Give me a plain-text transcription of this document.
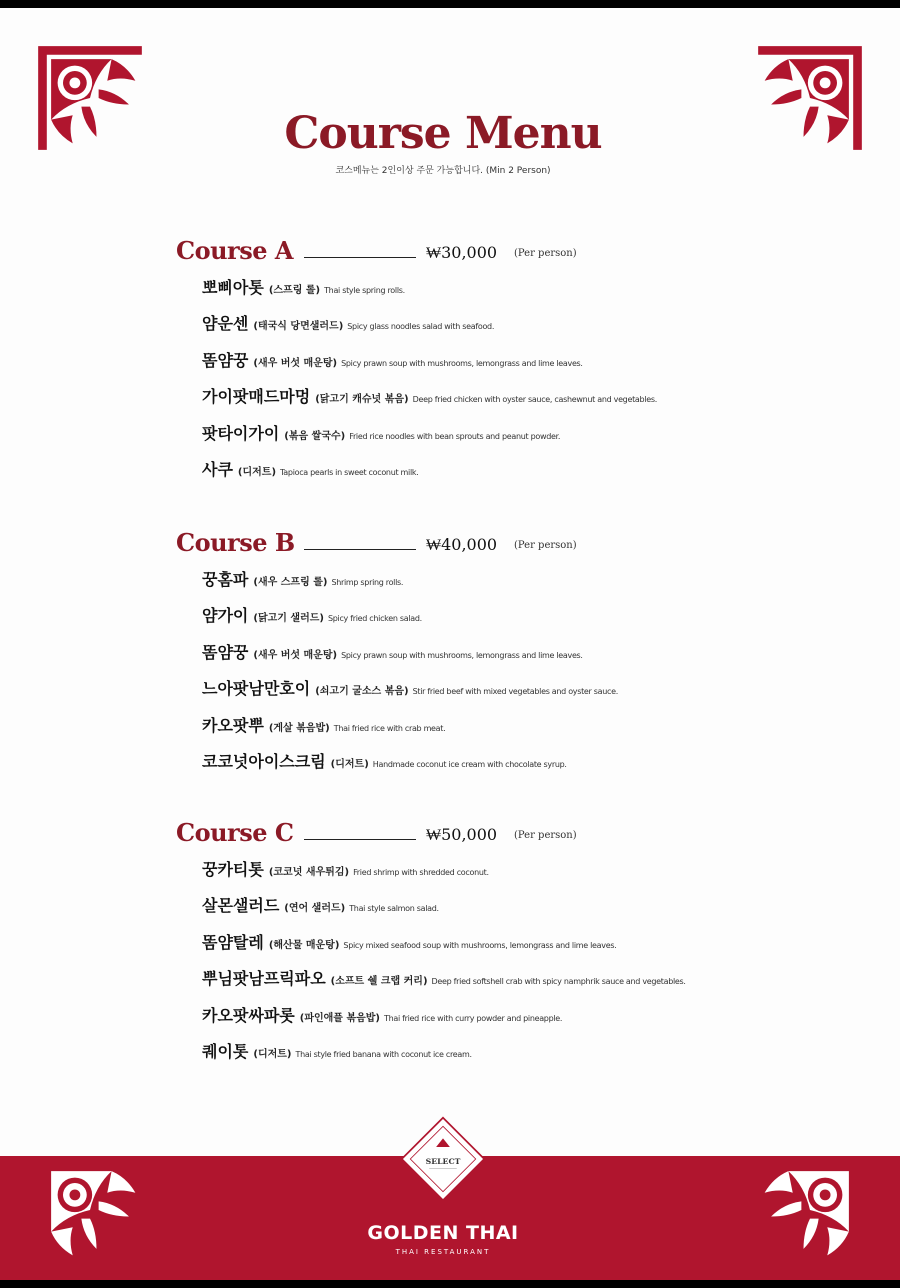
Course Menu
코스메뉴는 2인이상 주문 가능합니다. (Min 2 Person)
Course A	₩30,000 (Per person)
뽀삐아톳 (스프링 롤) Thai style spring rolls.
얌운센 (태국식 당면샐러드) Spicy glass noodles salad with seafood.
똠얌꿍 (새우 버섯 매운탕) Spicy prawn soup with mushrooms, lemongrass and lime leaves.
가이팟매드마멍 (닭고기 캐슈넛 볶음) Deep fried chicken with oyster sauce, cashewnut and vegetables.
팟타이가이 (볶음 쌀국수) Fried rice noodles with bean sprouts and peanut powder.
사쿠 (디저트) Tapioca pearls in sweet coconut milk.
Course B	₩40,000 (Per person)
꿍홈파 (새우 스프링 롤) Shrimp spring rolls.
얌가이 (닭고기 샐러드) Spicy fried chicken salad.
똠얌꿍 (새우 버섯 매운탕) Spicy prawn soup with mushrooms, lemongrass and lime leaves.
느아팟남만호이 (쇠고기 굴소스 볶음) Stir fried beef with mixed vegetables and oyster sauce.
카오팟뿌 (게살 볶음밥) Thai fried rice with crab meat.
코코넛아이스크림 (디저트) Handmade coconut ice cream with chocolate syrup.
Course C	₩50,000 (Per person)
꿍카티톳 (코코넛 새우튀김) Fried shrimp with shredded coconut.
살몬샐러드 (연어 샐러드) Thai style salmon salad.
똠얌탈레 (해산물 매운탕) Spicy mixed seafood soup with mushrooms, lemongrass and lime leaves.
뿌님팟남프릭파오 (소프트 쉘 크랩 커리) Deep fried softshell crab with spicy namphrik sauce and vegetables.
카오팟싸파롯 (파인애플 볶음밥) Thai fried rice with curry powder and pineapple.
퀘이톳 (디저트) Thai style fried banana with coconut ice cream.
SELECT
GOLDEN THAI
THAI RESTAURANT
